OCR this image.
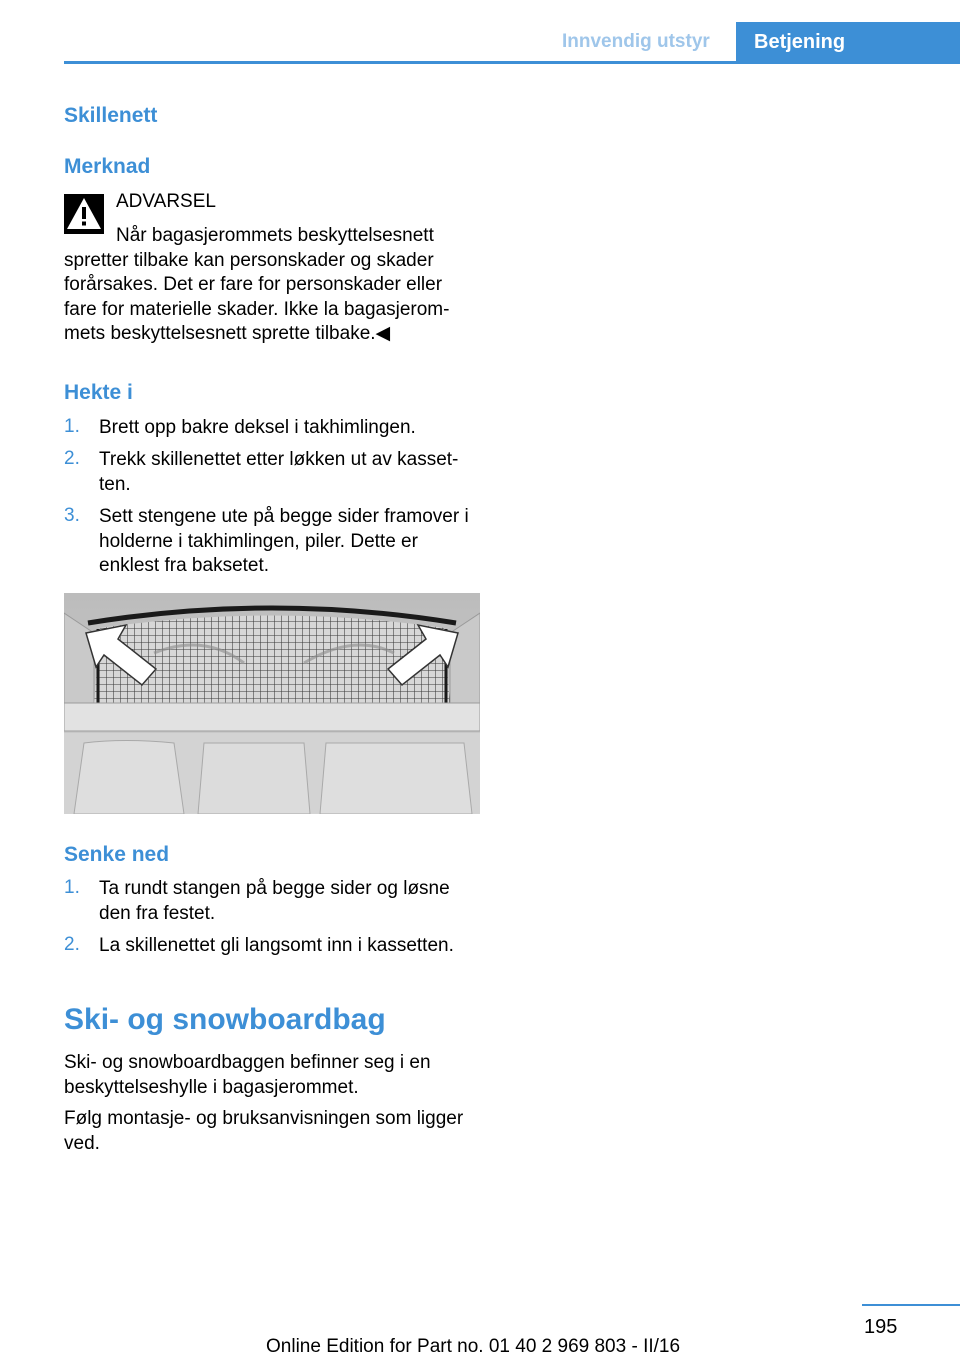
Innvendig utstyr	Betjening
Skillenett
Merknad
ADVARSEL
Når bagasjerommets beskyttelsesnett spretter tilbake kan personskader og skader forårsakes. Det er fare for personskader eller fare for materielle skader. Ikke la bagasjerommets beskyttelsesnett sprette tilbake.◀
Hekte i
1. Brett opp bakre deksel i takhimlingen.
2. Trekk skillenettet etter løkken ut av kassetten.
3. Sett stengene ute på begge sider framover i holderne i takhimlingen, piler. Dette er enklest fra baksetet.
Senke ned
1. Ta rundt stangen på begge sider og løsne den fra festet.
2. La skillenettet gli langsomt inn i kassetten.
Ski- og snowboardbag
Ski- og snowboardbaggen befinner seg i en beskyttelseshylle i bagasjerommet.
Følg montasje- og bruksanvisningen som ligger ved.
195
Online Edition for Part no. 01 40 2 969 803 - II/16
